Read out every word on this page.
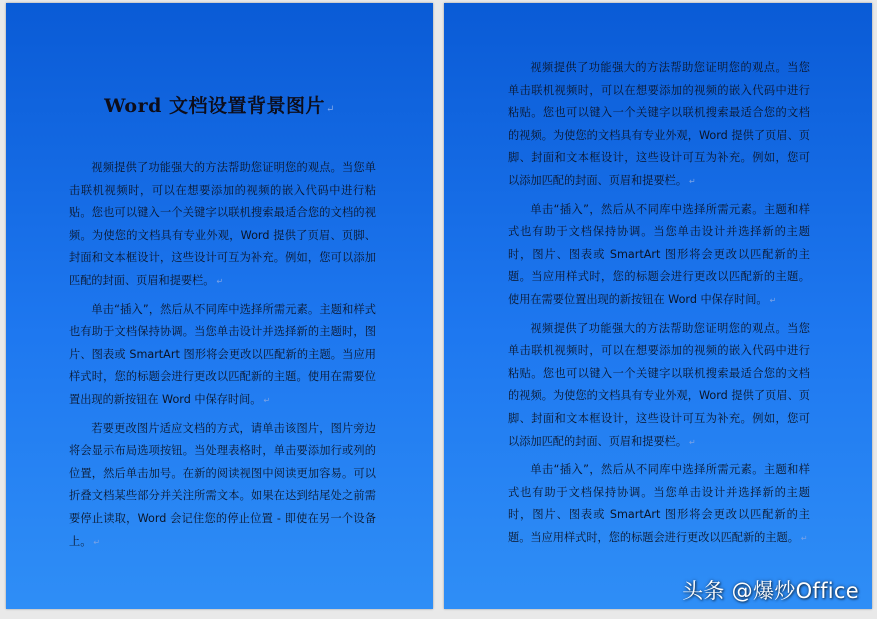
Word 文档设置背景图片↵

视频提供了功能强大的方法帮助您证明您的观点。当您单击联机视频时，可以在想要添加的视频的嵌入代码中进行粘贴。您也可以键入一个关键字以联机搜索最适合您的文档的视频。为使您的文档具有专业外观，Word 提供了页眉、页脚、封面和文本框设计，这些设计可互为补充。例如，您可以添加匹配的封面、页眉和提要栏。 ↵

单击“插入”，然后从不同库中选择所需元素。主题和样式也有助于文档保持协调。当您单击设计并选择新的主题时，图片、图表或 SmartArt 图形将会更改以匹配新的主题。当应用样式时，您的标题会进行更改以匹配新的主题。使用在需要位置出现的新按钮在 Word 中保存时间。 ↵

若要更改图片适应文档的方式，请单击该图片，图片旁边将会显示布局选项按钮。当处理表格时，单击要添加行或列的位置，然后单击加号。在新的阅读视图中阅读更加容易。可以折叠文档某些部分并关注所需文本。如果在达到结尾处之前需要停止读取，Word 会记住您的停止位置 - 即使在另一个设备上。 ↵

视频提供了功能强大的方法帮助您证明您的观点。当您单击联机视频时，可以在想要添加的视频的嵌入代码中进行粘贴。您也可以键入一个关键字以联机搜索最适合您的文档的视频。为使您的文档具有专业外观，Word 提供了页眉、页脚、封面和文本框设计，这些设计可互为补充。例如，您可以添加匹配的封面、页眉和提要栏。 ↵

单击“插入”，然后从不同库中选择所需元素。主题和样式也有助于文档保持协调。当您单击设计并选择新的主题时，图片、图表或 SmartArt 图形将会更改以匹配新的主题。当应用样式时，您的标题会进行更改以匹配新的主题。使用在需要位置出现的新按钮在 Word 中保存时间。 ↵

视频提供了功能强大的方法帮助您证明您的观点。当您单击联机视频时，可以在想要添加的视频的嵌入代码中进行粘贴。您也可以键入一个关键字以联机搜索最适合您的文档的视频。为使您的文档具有专业外观，Word 提供了页眉、页脚、封面和文本框设计，这些设计可互为补充。例如，您可以添加匹配的封面、页眉和提要栏。 ↵

单击“插入”，然后从不同库中选择所需元素。主题和样式也有助于文档保持协调。当您单击设计并选择新的主题时，图片、图表或 SmartArt 图形将会更改以匹配新的主题。当应用样式时，您的标题会进行更改以匹配新的主题。 ↵

头条 @爆炒Office
